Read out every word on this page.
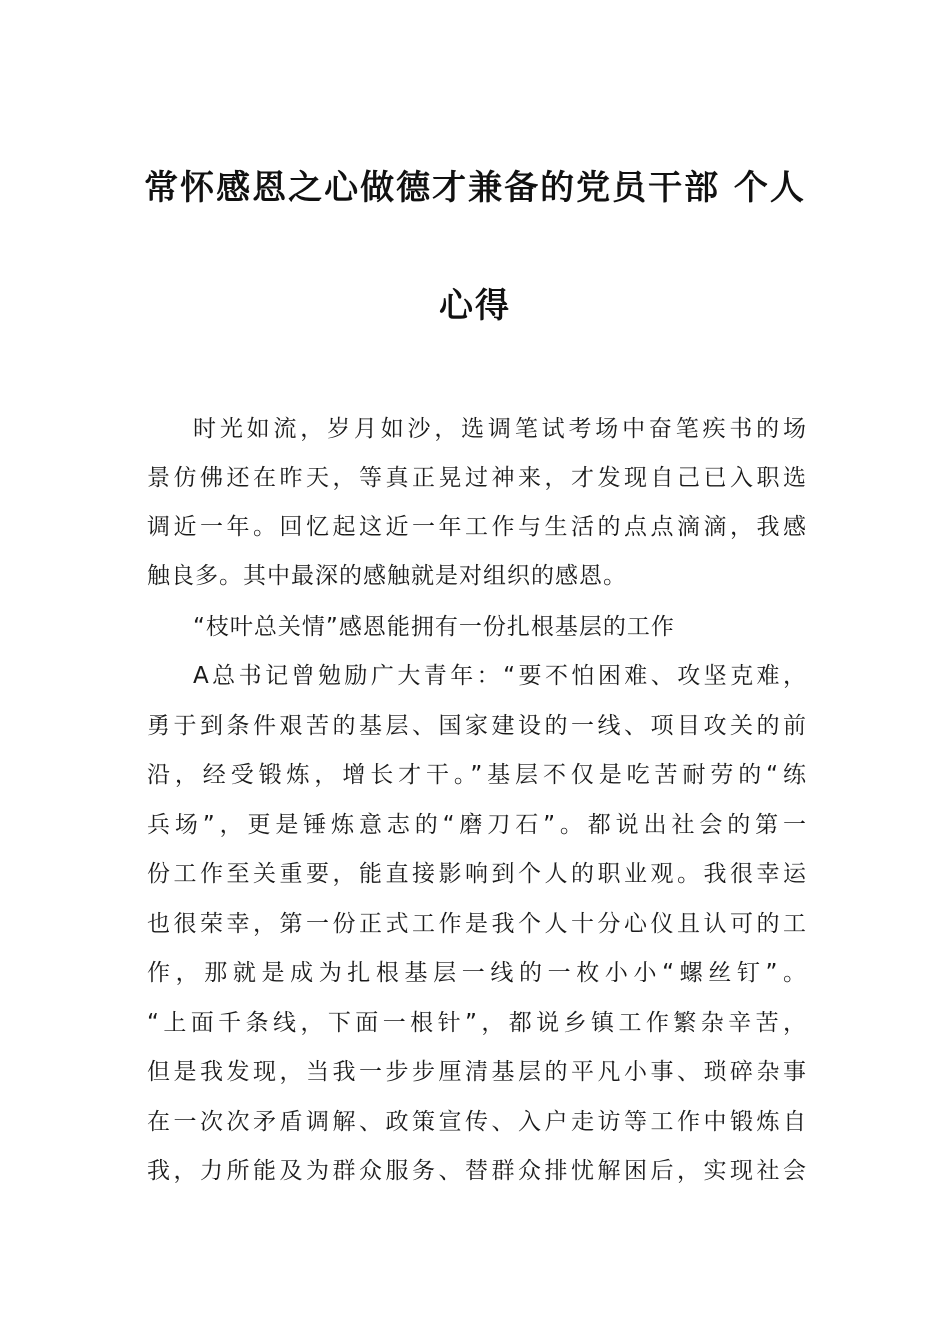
常怀感恩之心做德才兼备的党员干部 个人
心得
时光如流，岁月如沙，选调笔试考场中奋笔疾书的场
景仿佛还在昨天，等真正晃过神来，才发现自己已入职选
调近一年。回忆起这近一年工作与生活的点点滴滴，我感
触良多。其中最深的感触就是对组织的感恩。
“枝叶总关情”感恩能拥有一份扎根基层的工作
A总书记曾勉励广大青年：“要不怕困难、攻坚克难，
勇于到条件艰苦的基层、国家建设的一线、项目攻关的前
沿，经受锻炼，增长才干。”基层不仅是吃苦耐劳的“练
兵场”，更是锤炼意志的“磨刀石”。都说出社会的第一
份工作至关重要，能直接影响到个人的职业观。我很幸运
也很荣幸，第一份正式工作是我个人十分心仪且认可的工
作，那就是成为扎根基层一线的一枚小小“螺丝钉”。
“上面千条线，下面一根针”，都说乡镇工作繁杂辛苦，
但是我发现，当我一步步厘清基层的平凡小事、琐碎杂事
在一次次矛盾调解、政策宣传、入户走访等工作中锻炼自
我，力所能及为群众服务、替群众排忧解困后，实现社会
